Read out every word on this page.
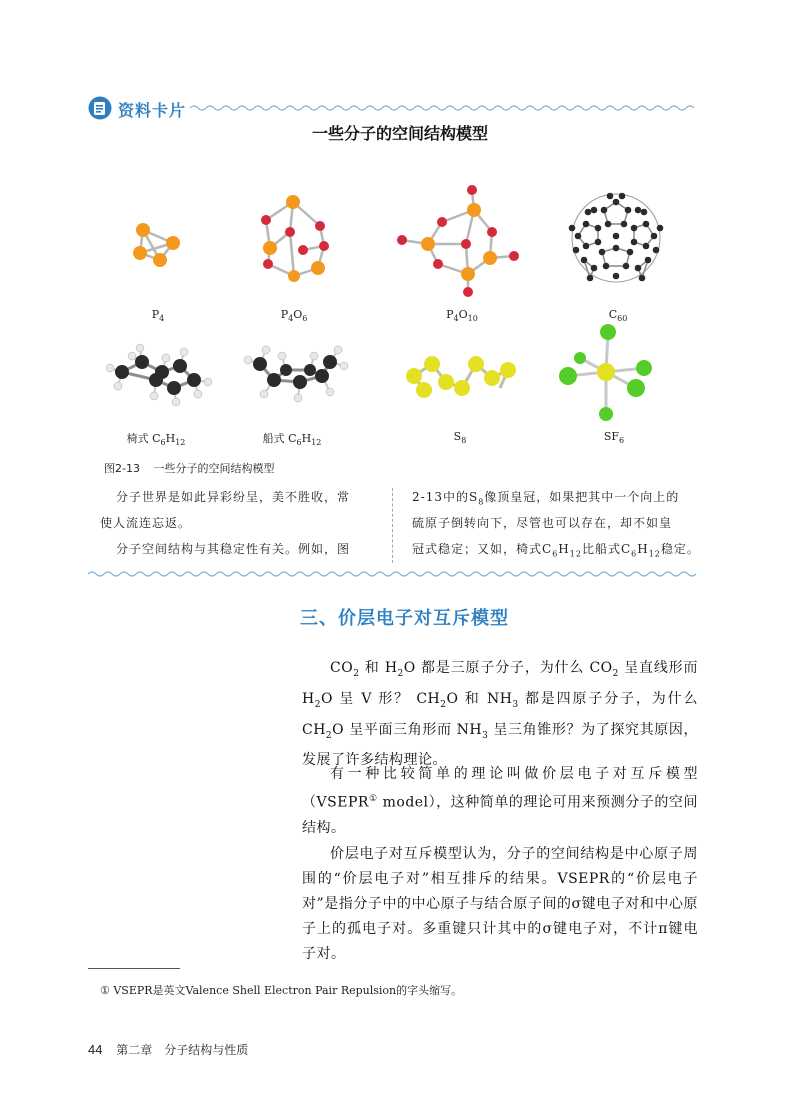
资料卡片
一些分子的空间结构模型
$P_4$	$P_4O_6$	$P_4O_{10}$	$C_{60}$
椅式 $C_6H_{12}$	船式 $C_6H_{12}$	$S_8$	$SF_6$
图2-13 一些分子的空间结构模型
分子世界是如此异彩纷呈，美不胜收，常
使人流连忘返。
分子空间结构与其稳定性有关。例如，图
2-13中的$S_8$像顶皇冠，如果把其中一个向上的
硫原子倒转向下，尽管也可以存在，却不如皇
冠式稳定；又如，椅式$C_6H_{12}$比船式$C_6H_{12}$稳定。
三、价层电子对互斥模型
$CO_2$ 和 $H_2O$ 都是三原子分子，为什么 $CO_2$ 呈直线形而 $H_2O$ 呈 V 形？ $CH_2O$ 和 $NH_3$ 都是四原子分子，为什么 $CH_2O$ 呈平面三角形而 $NH_3$ 呈三角锥形？为了探究其原因，发展了许多结构理论。
有一种比较简单的理论叫做价层电子对互斥模型（VSEPR① model），这种简单的理论可用来预测分子的空间结构。
价层电子对互斥模型认为，分子的空间结构是中心原子周围的“价层电子对”相互排斥的结果。VSEPR的“价层电子对”是指分子中的中心原子与结合原子间的σ键电子对和中心原子上的孤电子对。多重键只计其中的σ键电子对，不计π键电子对。
① VSEPR是英文Valence Shell Electron Pair Repulsion的字头缩写。
44 第二章　分子结构与性质
